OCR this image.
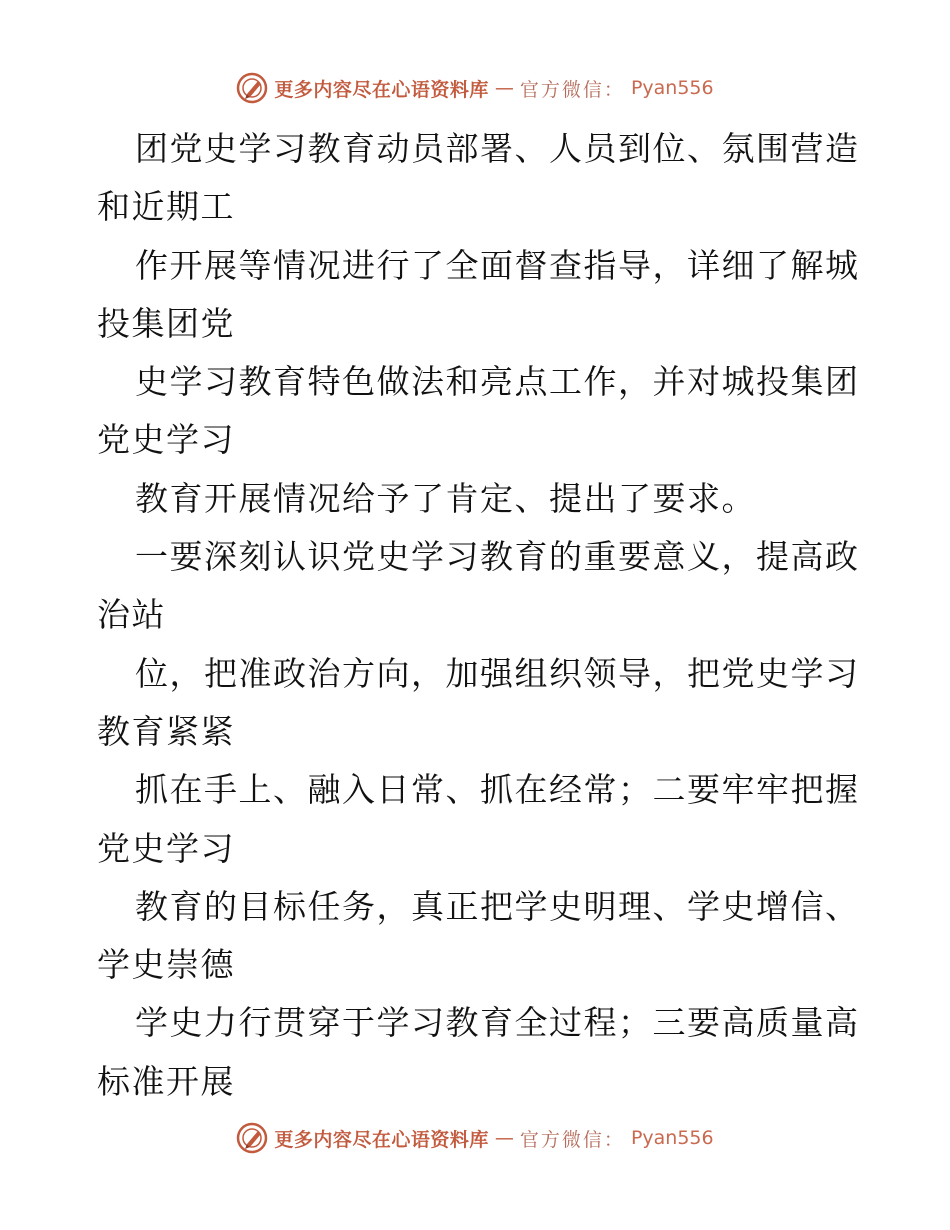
更多内容尽在心语资料库 — 官方微信： Pyan556
团党史学习教育动员部署、人员到位、氛围营造
和近期工
作开展等情况进行了全面督查指导，详细了解城
投集团党
史学习教育特色做法和亮点工作，并对城投集团
党史学习
教育开展情况给予了肯定、提出了要求。
一要深刻认识党史学习教育的重要意义，提高政
治站
位，把准政治方向，加强组织领导，把党史学习
教育紧紧
抓在手上、融入日常、抓在经常；二要牢牢把握
党史学习
教育的目标任务，真正把学史明理、学史增信、
学史崇德
学史力行贯穿于学习教育全过程；三要高质量高
标准开展
更多内容尽在心语资料库 — 官方微信： Pyan556
